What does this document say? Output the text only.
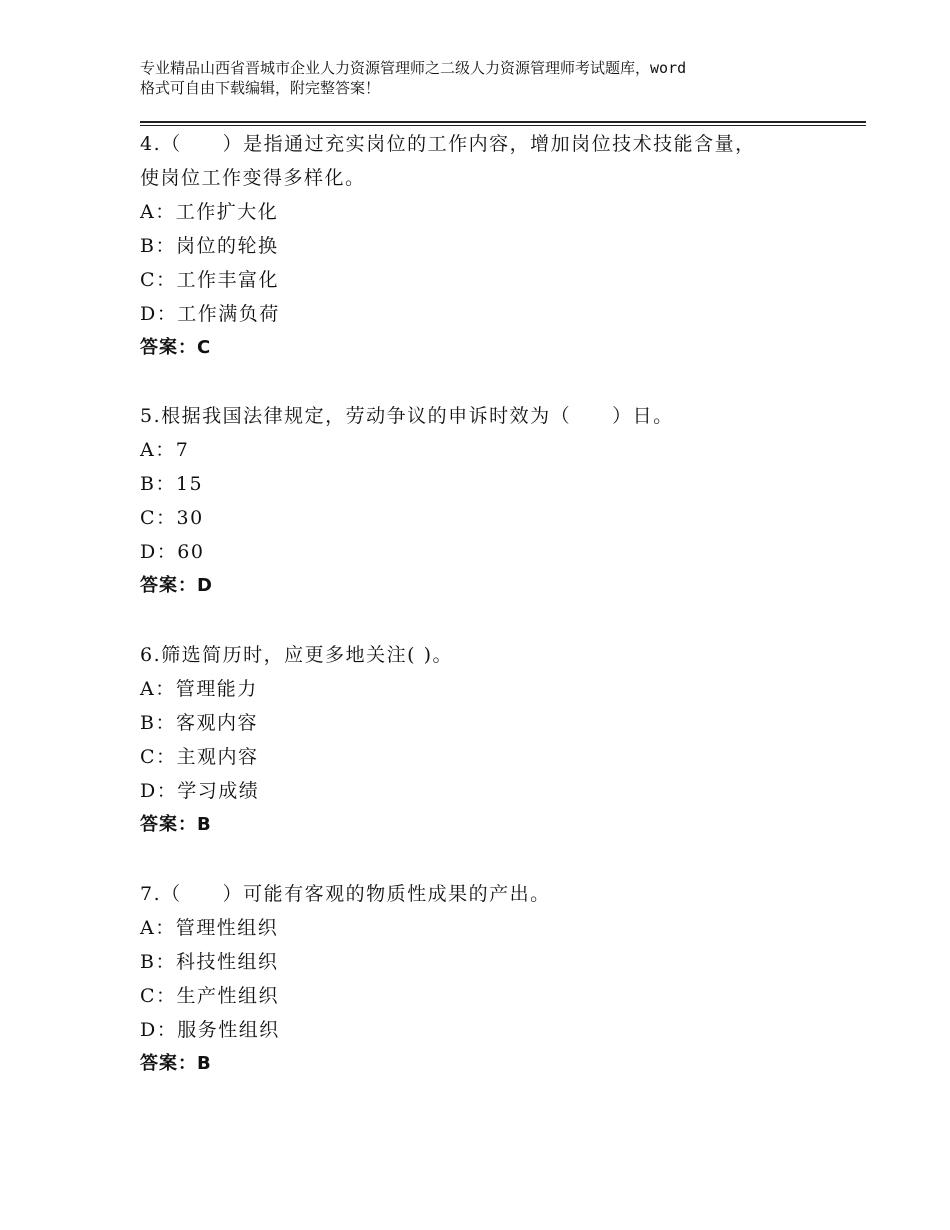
专业精品山西省晋城市企业人力资源管理师之二级人力资源管理师考试题库，word
格式可自由下载编辑，附完整答案！
4.（　　）是指通过充实岗位的工作内容，增加岗位技术技能含量，
使岗位工作变得多样化。
A：工作扩大化
B：岗位的轮换
C：工作丰富化
D：工作满负荷
答案：C
5.根据我国法律规定，劳动争议的申诉时效为（　　）日。
A：7
B：15
C：30
D：60
答案：D
6.筛选简历时，应更多地关注( )。
A：管理能力
B：客观内容
C：主观内容
D：学习成绩
答案：B
7.（　　）可能有客观的物质性成果的产出。
A：管理性组织
B：科技性组织
C：生产性组织
D：服务性组织
答案：B
